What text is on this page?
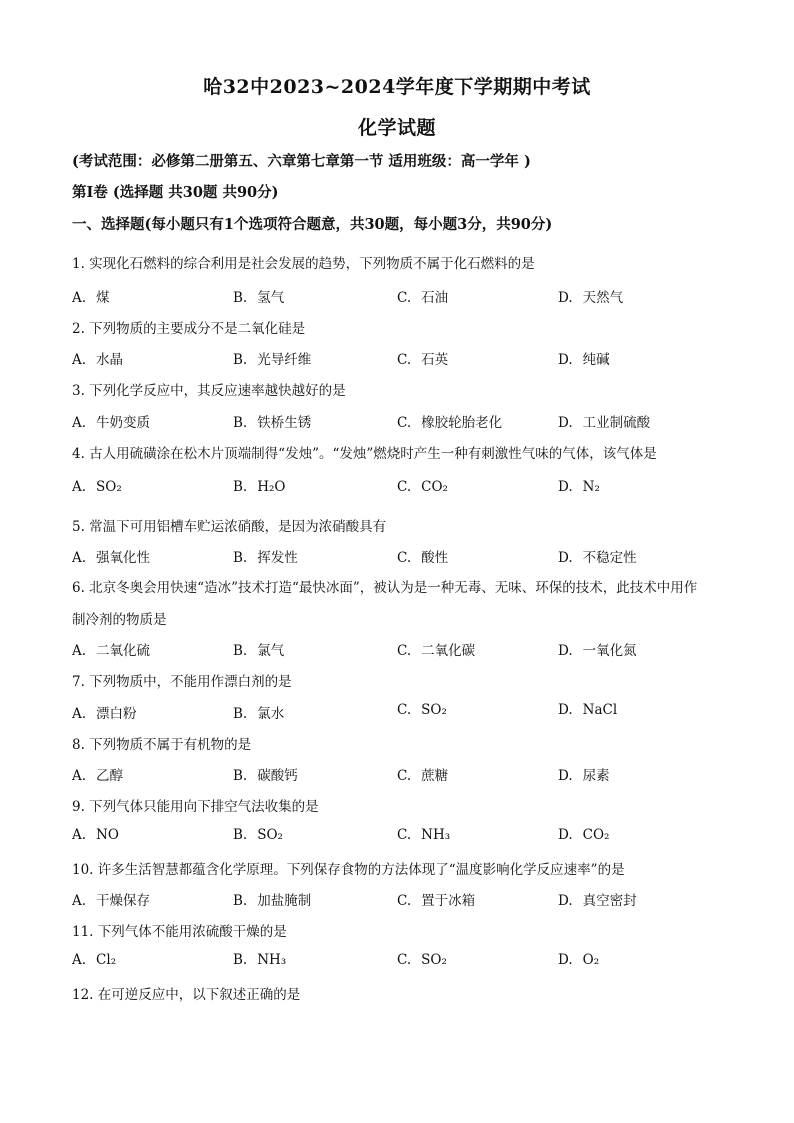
哈32中2023~2024学年度下学期期中考试
化学试题
(考试范围：必修第二册第五、六章第七章第一节 适用班级：高一学年 )
第Ⅰ卷 (选择题 共30题 共90分)
一、选择题(每小题只有1个选项符合题意，共30题，每小题3分，共90分)
1. 实现化石燃料的综合利用是社会发展的趋势，下列物质不属于化石燃料的是
A. 煤	B. 氢气	C. 石油	D. 天然气
2. 下列物质的主要成分不是二氧化硅是
A. 水晶	B. 光导纤维	C. 石英	D. 纯碱
3. 下列化学反应中，其反应速率越快越好的是
A. 牛奶变质	B. 铁桥生锈	C. 橡胶轮胎老化	D. 工业制硫酸
4. 古人用硫磺涂在松木片顶端制得“发烛”。“发烛”燃烧时产生一种有刺激性气味的气体，该气体是
A. SO₂	B. H₂O	C. CO₂	D. N₂
5. 常温下可用铝槽车贮运浓硝酸，是因为浓硝酸具有
A. 强氧化性	B. 挥发性	C. 酸性	D. 不稳定性
6. 北京冬奥会用快速“造冰”技术打造“最快冰面”，被认为是一种无毒、无味、环保的技术，此技术中用作
制冷剂的物质是
A. 二氧化硫	B. 氯气	C. 二氧化碳	D. 一氧化氮
7. 下列物质中，不能用作漂白剂的是
A. 漂白粉	B. 氯水	C. SO₂	D. NaCl
8. 下列物质不属于有机物的是
A. 乙醇	B. 碳酸钙	C. 蔗糖	D. 尿素
9. 下列气体只能用向下排空气法收集的是
A. NO	B. SO₂	C. NH₃	D. CO₂
10. 许多生活智慧都蕴含化学原理。下列保存食物的方法体现了“温度影响化学反应速率”的是
A. 干燥保存	B. 加盐腌制	C. 置于冰箱	D. 真空密封
11. 下列气体不能用浓硫酸干燥的是
A. Cl₂	B. NH₃	C. SO₂	D. O₂
12. 在可逆反应中，以下叙述正确的是
